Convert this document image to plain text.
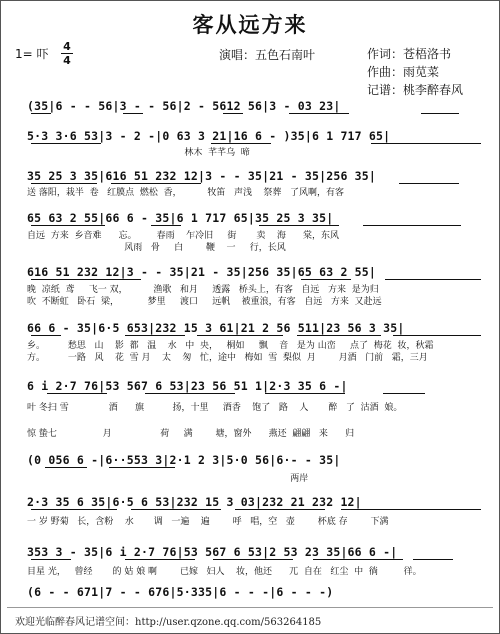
客从远方来
1= 吓
4
4	演唱：五色石南叶	作词：苍梧洛书
作曲：雨苋菜
记谱：桃李醉春风
(35|6 - - 56|3 - - 56|2 - 5612 56|3 - 03 23|
5·3 3·6 53|3 - 2 -|0 63 3 21|16 6 - )35|6 1 717 65|
林木  芊芊乌  啼
35 25 3 35|616 51 232 12|3 - - 35|21 - 35|256 35|
送 落阳，栽半  卷   红膜点  燃松  香，         牧笛   声浅    祭葬   了风啊，有客
65 63 2 55|66 6 - 35|6 1 717 65|35 25 3 35|
自远  方来  乡音难      忘。       春雨    乍冷旧     街       卖    海      棠，东风
风雨   骨     白        鞭    一     行，长风
616 51 232 12|3 - - 35|21 - 35|256 35|65 63 2 55|
晚  凉纸  鸢     飞一 双，         渔歌   和月     透露   桥头上，有客   自远   方来  是为归
吹  不断虹   卧石  梁，          梦里     渡口     远帆    被重浪，有客   自远   方来  又赴远
66 6 - 35|6·5 653|232 15 3 61|21 2 56 511|23 56 3 35|
乡。        愁思   山    影  都   温    水   中  央，   桐如     飘    音   是为 山峦     点了  梅花  妆，秋霜
方。        一路   风    花  雪 月    太    匆   忙，途中   梅如  雪  梨似  月        月酒   门前   霜，三月
6 i 2·7 76|53 567 6 53|23 56 51 1|2·3 35 6 -|
叶 冬扫 雪              酒      旗          扬，十里     酒香    饱了   路    人       醉   了  沽酒  娘。
惊 蛰七                月                 荷     满        塘，窗外      燕还  翩翩   来      归
(0 056 6 -|6··553 3|2·1 2 3|5·0 56|6·- - 35|
两岸
2·3 35 6 35|6·5 6 53|232 15 3 03|232 21 232 12|
一 岁 野菊   长，含粉    水       调   一遍    遍        呼   唱，空   壶        杯底 存        下满
353 3 - 35|6 i 2·7 76|53 567 6 53|2 53 23 35|66 6 -|
目星 光，   曾经       的 姑 娘 啊        已嫁   妇人    妆，他还      兀  自在   红尘  中  徜         徉。
(6 - - 671|7 - - 676|5·335|6 - - -|6 - - -)
欢迎光临醉春风记谱空间：http://user.qzone.qq.com/563264185
